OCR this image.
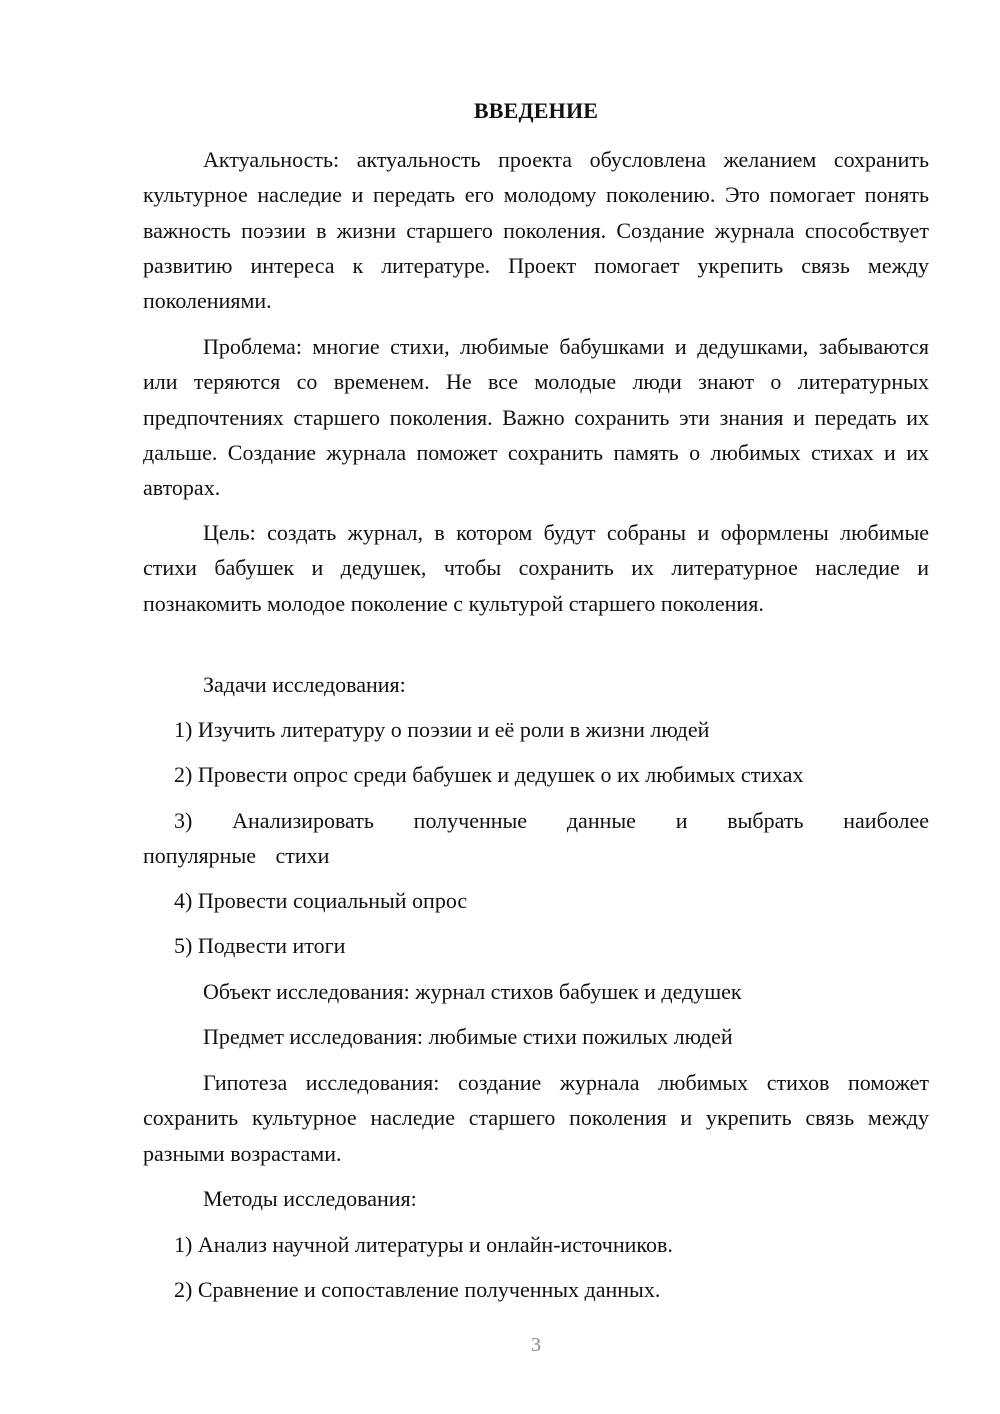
ВВЕДЕНИЕ

Актуальность: актуальность проекта обусловлена желанием сохранить культурное наследие и передать его молодому поколению. Это помогает понять важность поэзии в жизни старшего поколения. Создание журнала способствует развитию интереса к литературе. Проект помогает укрепить связь между поколениями.

Проблема: многие стихи, любимые бабушками и дедушками, забываются или теряются со временем. Не все молодые люди знают о литературных предпочтениях старшего поколения. Важно сохранить эти знания и передать их дальше. Создание журнала поможет сохранить память о любимых стихах и их авторах.

Цель: создать журнал, в котором будут собраны и оформлены любимые стихи бабушек и дедушек, чтобы сохранить их литературное наследие и познакомить молодое поколение с культурой старшего поколения.

Задачи исследования:

1) Изучить литературу о поэзии и её роли в жизни людей

2) Провести опрос среди бабушек и дедушек о их любимых стихах

3) Анализировать полученные данные и выбрать наиболее популярные стихи

4) Провести социальный опрос

5) Подвести итоги

Объект исследования: журнал стихов бабушек и дедушек

Предмет исследования: любимые стихи пожилых людей

Гипотеза исследования: создание журнала любимых стихов поможет сохранить культурное наследие старшего поколения и укрепить связь между разными возрастами.

Методы исследования:

1) Анализ научной литературы и онлайн-источников.

2) Сравнение и сопоставление полученных данных.

3
